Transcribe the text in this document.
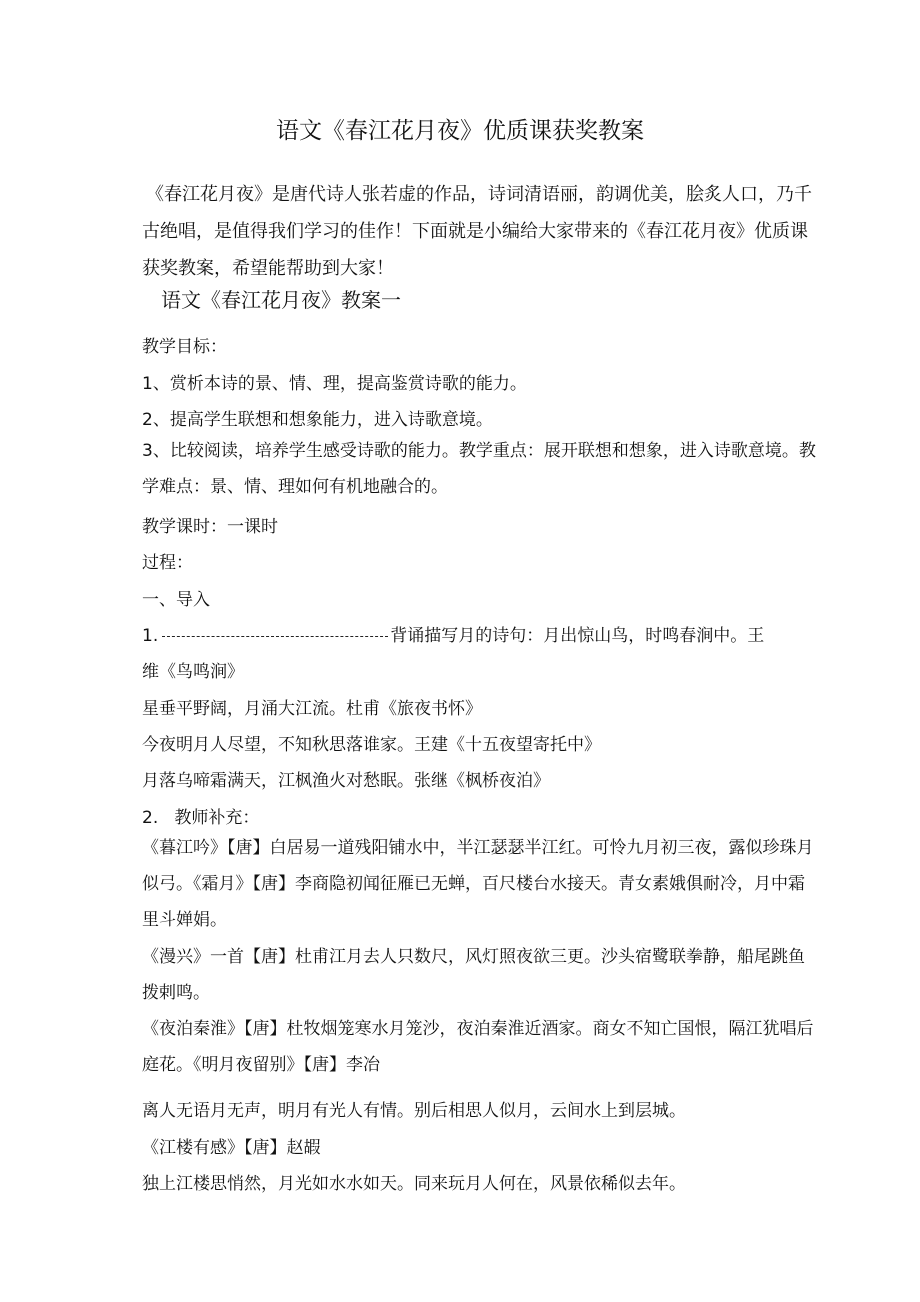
语文《春江花月夜》优质课获奖教案
《春江花月夜》是唐代诗人张若虚的作品，诗词清语丽，韵调优美，脍炙人口，乃千古绝唱，是值得我们学习的佳作！下面就是小编给大家带来的《春江花月夜》优质课获奖教案，希望能帮助到大家！
语文《春江花月夜》教案一
教学目标：
1、赏析本诗的景、情、理，提高鉴赏诗歌的能力。
2、提高学生联想和想象能力，进入诗歌意境。
3、比较阅读，培养学生感受诗歌的能力。教学重点：展开联想和想象，进入诗歌意境。教学难点：景、情、理如何有机地融合的。
教学课时：一课时
过程：
一、导入
1.	背诵描写月的诗句：月出惊山鸟，时鸣春涧中。王
维《鸟鸣涧》
星垂平野阔，月涌大江流。杜甫《旅夜书怀》
今夜明月人尽望，不知秋思落谁家。王建《十五夜望寄托中》
月落乌啼霜满天，江枫渔火对愁眠。张继《枫桥夜泊》
2.   教师补充：
《暮江吟》【唐】白居易一道残阳铺水中，半江瑟瑟半江红。可怜九月初三夜，露似珍珠月似弓。《霜月》【唐】李商隐初闻征雁已无蝉，百尺楼台水接天。青女素娥俱耐冷，月中霜里斗婵娟。
《漫兴》一首【唐】杜甫江月去人只数尺，风灯照夜欲三更。沙头宿鹭联拳静，船尾跳鱼拨剌鸣。
《夜泊秦淮》【唐】杜牧烟笼寒水月笼沙，夜泊秦淮近酒家。商女不知亡国恨，隔江犹唱后庭花。《明月夜留别》【唐】李冶
离人无语月无声，明月有光人有情。别后相思人似月，云间水上到层城。
《江楼有感》【唐】赵嘏
独上江楼思悄然，月光如水水如天。同来玩月人何在，风景依稀似去年。
